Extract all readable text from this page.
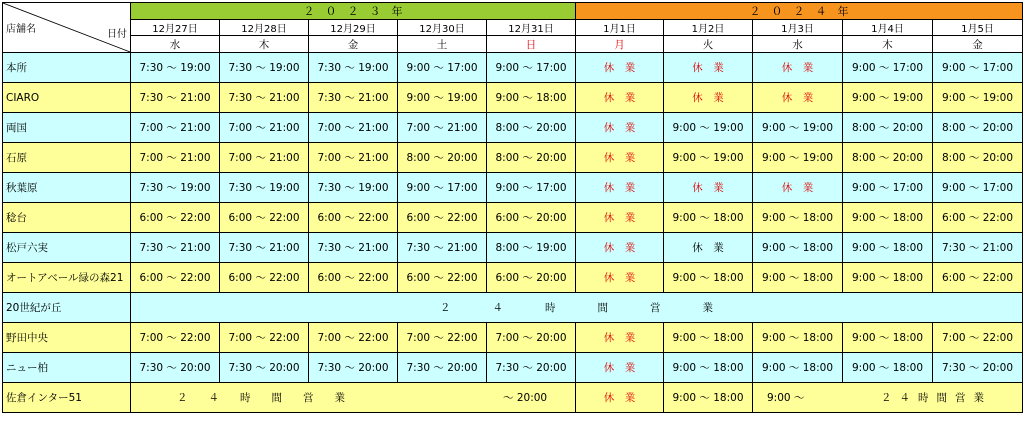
店舗名 日付	２　０　２　３　年					２　０　２　４　年				
	12月27日	12月28日	12月29日	12月30日	12月31日	1月1日	1月2日	1月3日	1月4日	1月5日
	水	木	金	土	日	月	火	水	木	金
本所	7:30 ～ 19:00	7:30 ～ 19:00	7:30 ～ 19:00	9:00 ～ 17:00	9:00 ～ 17:00	休　業	休　業	休　業	9:00 ～ 17:00	9:00 ～ 17:00
CIARO	7:30 ～ 21:00	7:30 ～ 21:00	7:30 ～ 21:00	9:00 ～ 19:00	9:00 ～ 18:00	休　業	休　業	休　業	9:00 ～ 19:00	9:00 ～ 19:00
両国	7:00 ～ 21:00	7:00 ～ 21:00	7:00 ～ 21:00	7:00 ～ 21:00	8:00 ～ 20:00	休　業	9:00 ～ 19:00	9:00 ～ 19:00	8:00 ～ 20:00	8:00 ～ 20:00
石原	7:00 ～ 21:00	7:00 ～ 21:00	7:00 ～ 21:00	8:00 ～ 20:00	8:00 ～ 20:00	休　業	9:00 ～ 19:00	9:00 ～ 19:00	8:00 ～ 20:00	8:00 ～ 20:00
秋葉原	7:30 ～ 19:00	7:30 ～ 19:00	7:30 ～ 19:00	9:00 ～ 17:00	9:00 ～ 17:00	休　業	休　業	休　業	9:00 ～ 17:00	9:00 ～ 17:00
稔台	6:00 ～ 22:00	6:00 ～ 22:00	6:00 ～ 22:00	6:00 ～ 22:00	6:00 ～ 20:00	休　業	9:00 ～ 18:00	9:00 ～ 18:00	9:00 ～ 18:00	6:00 ～ 22:00
松戸六実	7:30 ～ 21:00	7:30 ～ 21:00	7:30 ～ 21:00	7:30 ～ 21:00	8:00 ～ 19:00	休　業	休　業	9:00 ～ 18:00	9:00 ～ 18:00	7:30 ～ 21:00
オートアベール緑の森21	6:00 ～ 22:00	6:00 ～ 22:00	6:00 ～ 22:00	6:00 ～ 22:00	6:00 ～ 20:00	休　業	9:00 ～ 18:00	9:00 ～ 18:00	9:00 ～ 18:00	6:00 ～ 22:00
20世紀が丘	２　　　　４　　　　時　　　　間　　　　営　　　　業									
野田中央	7:00 ～ 22:00	7:00 ～ 22:00	7:00 ～ 22:00	7:00 ～ 22:00	7:00 ～ 20:00	休　業	9:00 ～ 18:00	9:00 ～ 18:00	9:00 ～ 18:00	7:00 ～ 22:00
ニュー柏	7:30 ～ 20:00	7:30 ～ 20:00	7:30 ～ 20:00	7:30 ～ 20:00	7:30 ～ 20:00	休　業	9:00 ～ 18:00	9:00 ～ 18:00	9:00 ～ 18:00	7:30 ～ 20:00
佐倉インター51	２　　４　　時　　間　　営　　業 ～ 20:00					休　業	9:00 ～ 18:00	9:00 ～ ２４時間営業		
